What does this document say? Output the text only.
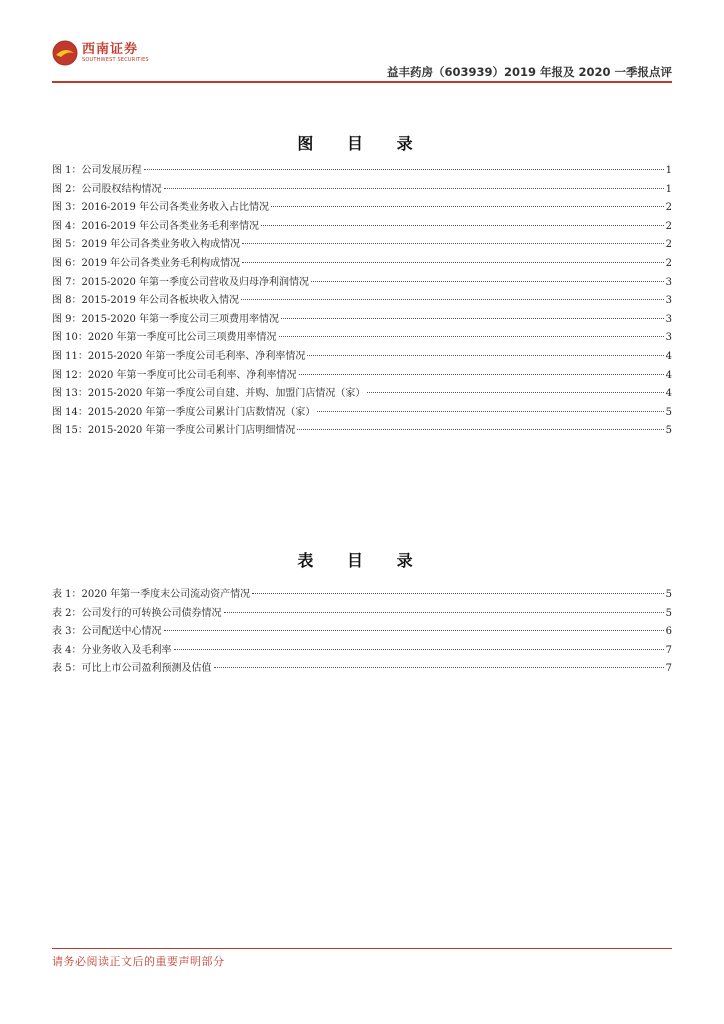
西南证券
SOUTHWEST SECURITIES
益丰药房（603939）2019 年报及 2020 一季报点评
图 目 录
图 1：公司发展历程	1
图 2：公司股权结构情况	1
图 3：2016-2019 年公司各类业务收入占比情况	2
图 4：2016-2019 年公司各类业务毛利率情况	2
图 5：2019 年公司各类业务收入构成情况	2
图 6：2019 年公司各类业务毛利构成情况	2
图 7：2015-2020 年第一季度公司营收及归母净利润情况	3
图 8：2015-2019 年公司各板块收入情况	3
图 9：2015-2020 年第一季度公司三项费用率情况	3
图 10：2020 年第一季度可比公司三项费用率情况	3
图 11：2015-2020 年第一季度公司毛利率、净利率情况	4
图 12：2020 年第一季度可比公司毛利率、净利率情况	4
图 13：2015-2020 年第一季度公司自建、并购、加盟门店情况（家）	4
图 14：2015-2020 年第一季度公司累计门店数情况（家）	5
图 15：2015-2020 年第一季度公司累计门店明细情况	5
表 目 录
表 1：2020 年第一季度末公司流动资产情况	5
表 2：公司发行的可转换公司债券情况	5
表 3：公司配送中心情况	6
表 4：分业务收入及毛利率	7
表 5：可比上市公司盈利预测及估值	7
请务必阅读正文后的重要声明部分
